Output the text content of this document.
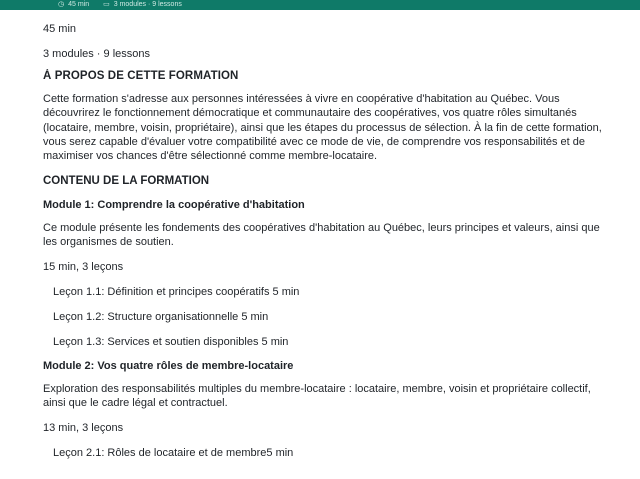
◷ 45 min ▭ 3 modules · 9 lessons

45 min

3 modules · 9 lessons

À PROPOS DE CETTE FORMATION

Cette formation s'adresse aux personnes intéressées à vivre en coopérative d'habitation au Québec. Vous découvrirez le fonctionnement démocratique et communautaire des coopératives, vos quatre rôles simultanés (locataire, membre, voisin, propriétaire), ainsi que les étapes du processus de sélection. À la fin de cette formation, vous serez capable d'évaluer votre compatibilité avec ce mode de vie, de comprendre vos responsabilités et de maximiser vos chances d'être sélectionné comme membre-locataire.

CONTENU DE LA FORMATION

Module 1: Comprendre la coopérative d'habitation

Ce module présente les fondements des coopératives d'habitation au Québec, leurs principes et valeurs, ainsi que les organismes de soutien.

15 min, 3 leçons

Leçon 1.1: Définition et principes coopératifs 5 min

Leçon 1.2: Structure organisationnelle 5 min

Leçon 1.3: Services et soutien disponibles 5 min

Module 2: Vos quatre rôles de membre-locataire

Exploration des responsabilités multiples du membre-locataire : locataire, membre, voisin et propriétaire collectif, ainsi que le cadre légal et contractuel.

13 min, 3 leçons

Leçon 2.1: Rôles de locataire et de membre5 min
